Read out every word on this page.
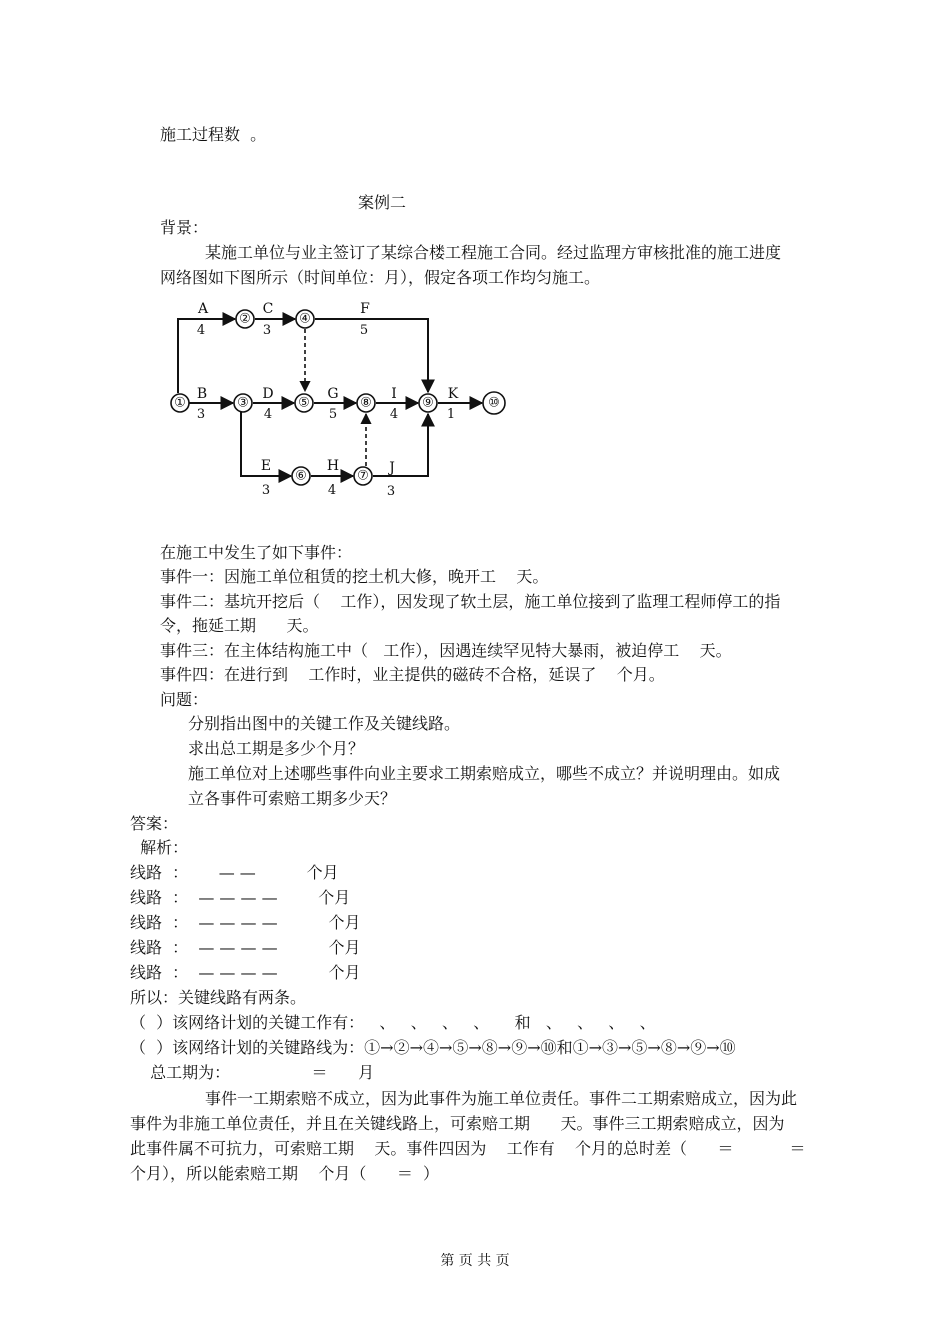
施工过程数  。
案例二
背景：
某施工单位与业主签订了某综合楼工程施工合同。经过监理方审核批准的施工进度
网络图如下图所示（时间单位：月），假定各项工作均匀施工。
A
4
C
3
F
5
B
3
D
4
G
5
I
4
K
1
E
3
H
4
J
3
①
②
③
④
⑤
⑥	⑦
⑧	⑨	⑩
在施工中发生了如下事件：
事件一：因施工单位租赁的挖土机大修，晚开工    天。
事件二：基坑开挖后（    工作），因发现了软土层，施工单位接到了监理工程师停工的指
令，拖延工期      天。
事件三：在主体结构施工中（   工作），因遇连续罕见特大暴雨，被迫停工    天。
事件四：在进行到    工作时，业主提供的磁砖不合格，延误了    个月。
问题：
分别指出图中的关键工作及关键线路。
求出总工期是多少个月？
施工单位对上述哪些事件向业主要求工期索赔成立，哪些不成立？并说明理由。如成
立各事件可索赔工期多少天？
答案：
解析：
线路  ：      — —          个月
线路  ：  — — — —        个月
线路  ：  — — — —          个月
线路  ：  — — — —          个月
线路  ：  — — — —          个月
所以：关键线路有两条。
（  ）该网络计划的关键工作有：   、   、   、   、     和   、   、   、   、
（  ）该网络计划的关键路线为：①→②→④→⑤→⑧→⑨→⑩和①→③→⑤→⑧→⑨→⑩
总工期为：                ＝      月
事件一工期索赔不成立，因为此事件为施工单位责任。事件二工期索赔成立，因为此
事件为非施工单位责任，并且在关键线路上，可索赔工期      天。事件三工期索赔成立，因为
此事件属不可抗力，可索赔工期    天。事件四因为    工作有    个月的总时差（      ＝           ＝
个月），所以能索赔工期    个月（      ＝  ）
第 页 共 页
